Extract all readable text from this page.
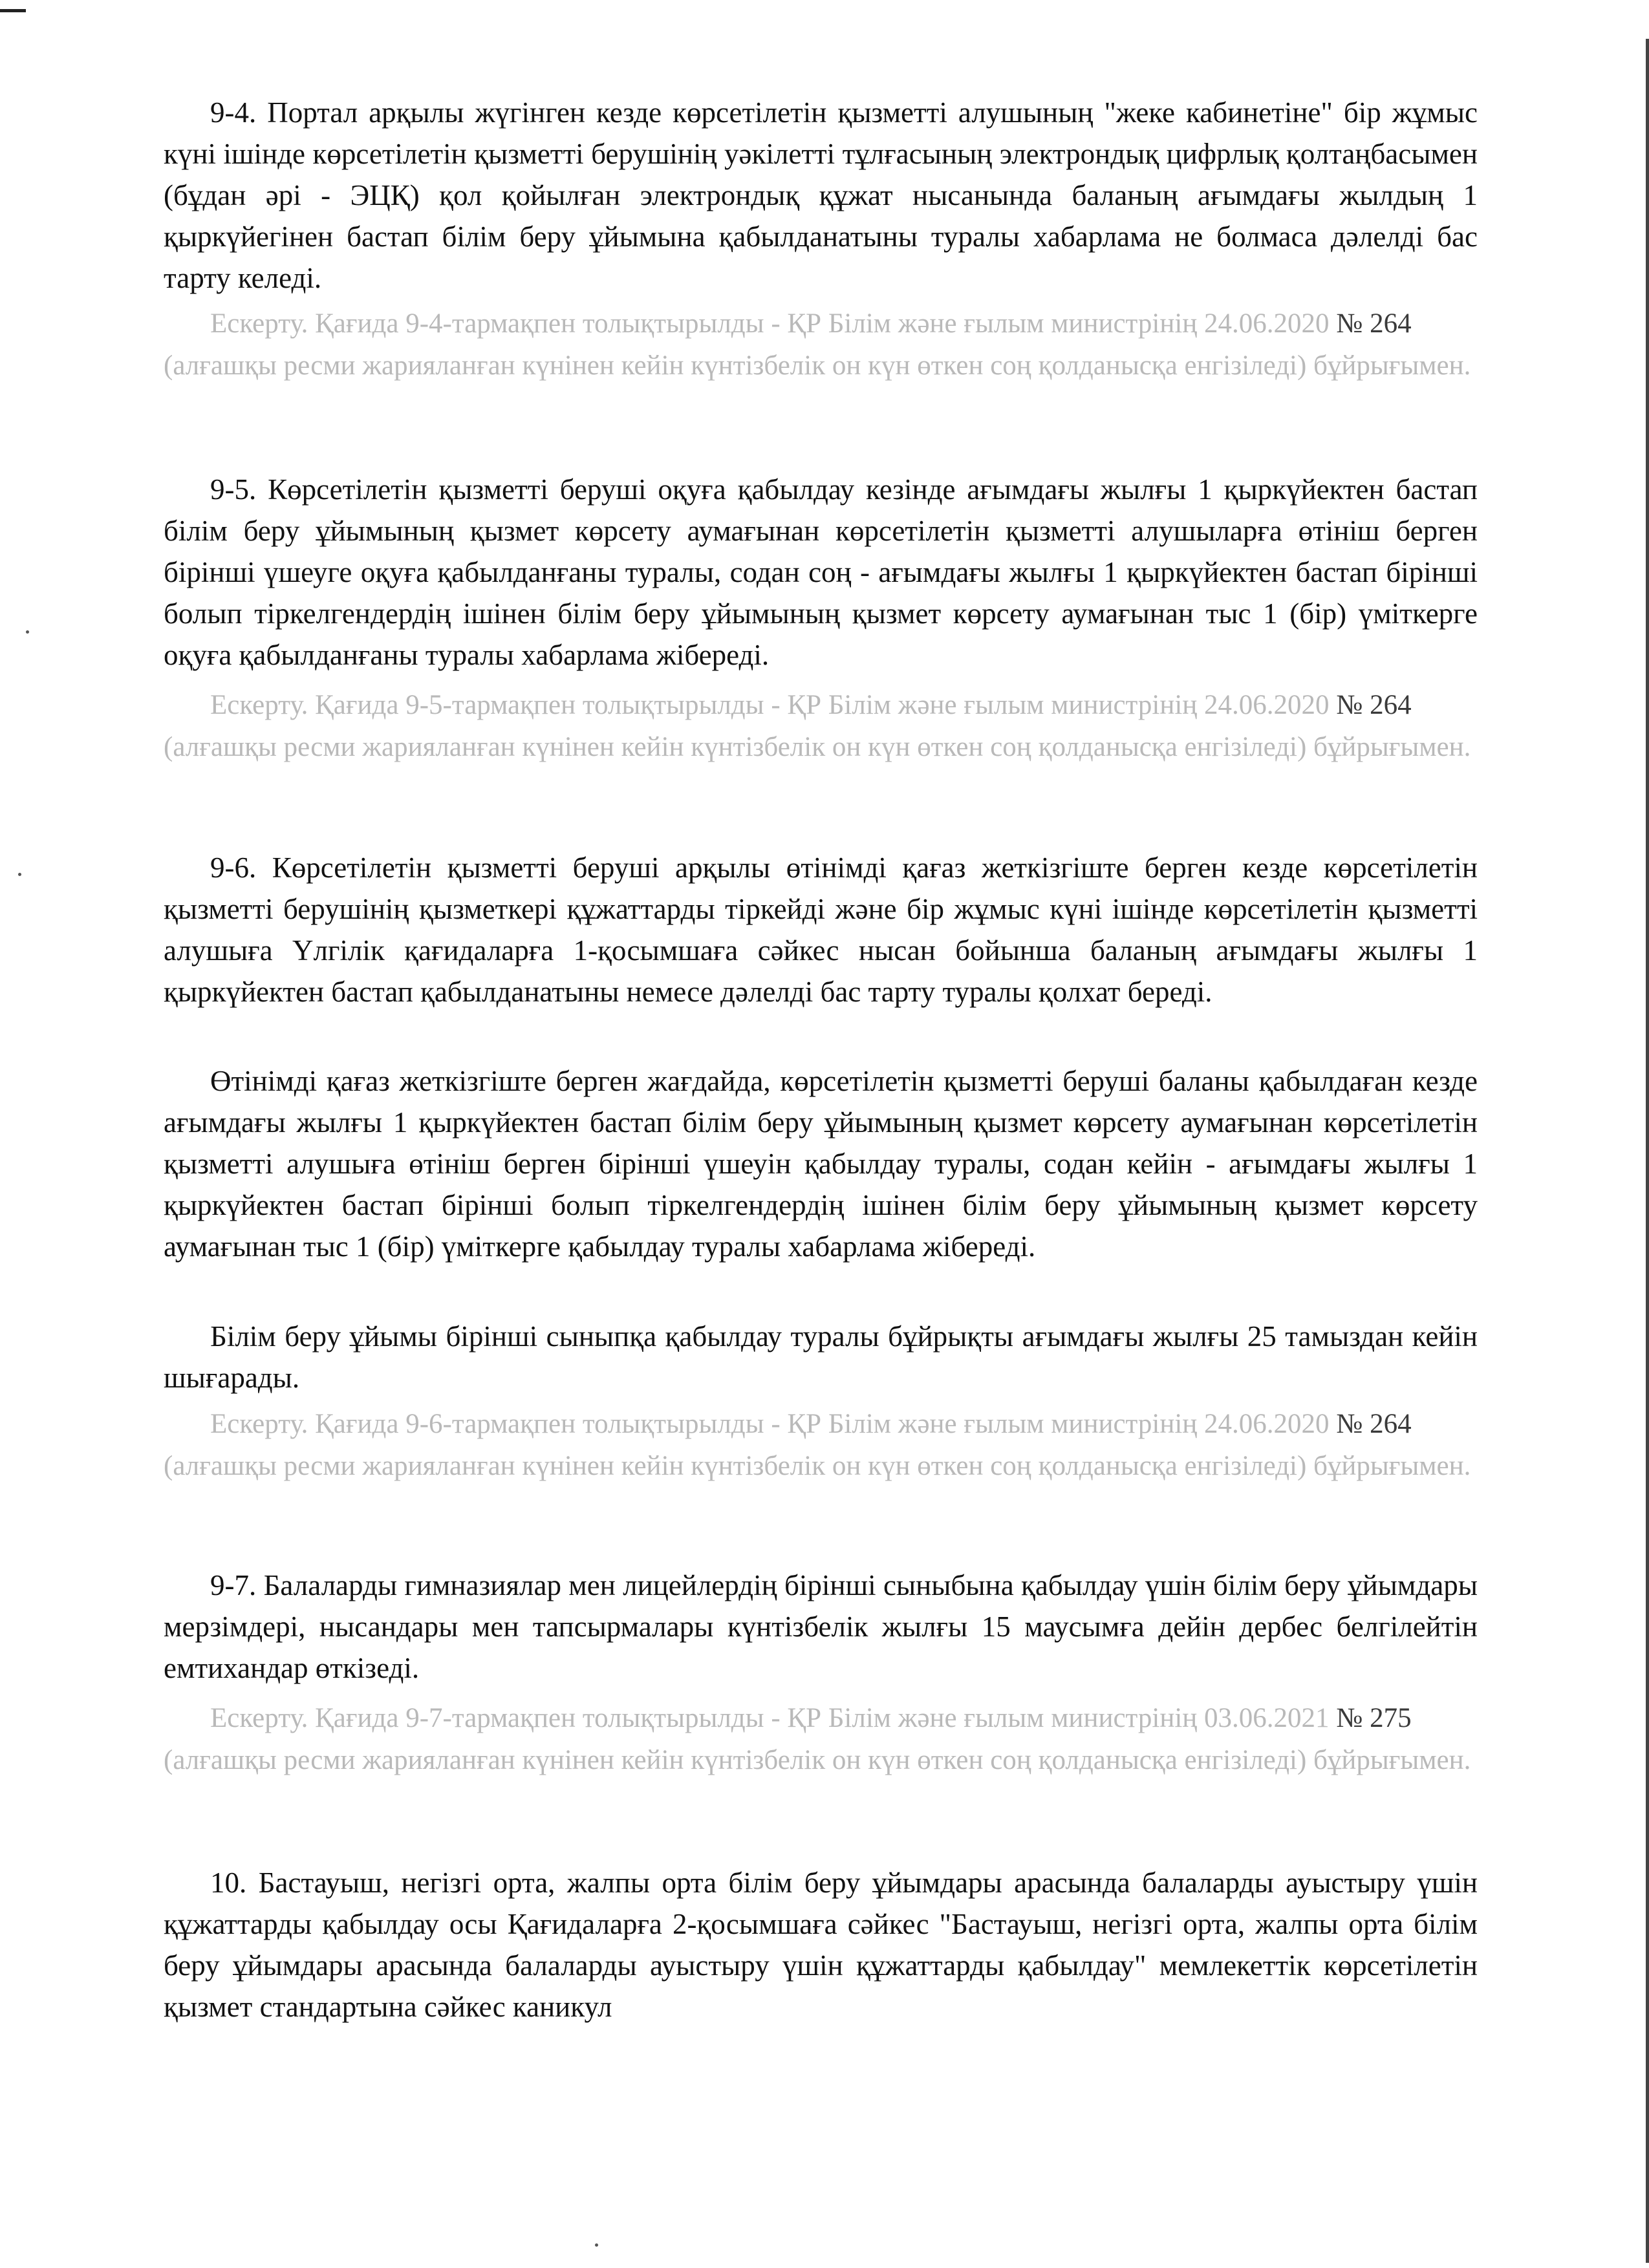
9-4. Портал арқылы жүгінген кезде көрсетілетін қызметті алушының "жеке кабинетіне" бір жұмыс күні ішінде көрсетілетін қызметті берушінің уәкілетті тұлғасының электрондық цифрлық қолтаңбасымен (бұдан әрі - ЭЦҚ) қол қойылған электрондық құжат нысанында баланың ағымдағы жылдың 1 қыркүйегінен бастап білім беру ұйымына қабылданатыны туралы хабарлама не болмаса дәлелді бас тарту келеді.

Ескерту. Қағида 9-4-тармақпен толықтырылды - ҚР Білім және ғылым министрінің 24.06.2020 № 264 (алғашқы ресми жарияланған күнінен кейін күнтізбелік он күн өткен соң қолданысқа енгізіледі) бұйрығымен.

9-5. Көрсетілетін қызметті беруші оқуға қабылдау кезінде ағымдағы жылғы 1 қыркүйектен бастап білім беру ұйымының қызмет көрсету аумағынан көрсетілетін қызметті алушыларға өтініш берген бірінші үшеуге оқуға қабылданғаны туралы, содан соң - ағымдағы жылғы 1 қыркүйектен бастап бірінші болып тіркелгендердің ішінен білім беру ұйымының қызмет көрсету аумағынан тыс 1 (бір) үміткерге оқуға қабылданғаны туралы хабарлама жібереді.

Ескерту. Қағида 9-5-тармақпен толықтырылды - ҚР Білім және ғылым министрінің 24.06.2020 № 264 (алғашқы ресми жарияланған күнінен кейін күнтізбелік он күн өткен соң қолданысқа енгізіледі) бұйрығымен.

9-6. Көрсетілетін қызметті беруші арқылы өтінімді қағаз жеткізгіште берген кезде көрсетілетін қызметті берушінің қызметкері құжаттарды тіркейді және бір жұмыс күні ішінде көрсетілетін қызметті алушыға Үлгілік қағидаларға 1-қосымшаға сәйкес нысан бойынша баланың ағымдағы жылғы 1 қыркүйектен бастап қабылданатыны немесе дәлелді бас тарту туралы қолхат береді.

Өтінімді қағаз жеткізгіште берген жағдайда, көрсетілетін қызметті беруші баланы қабылдаған кезде ағымдағы жылғы 1 қыркүйектен бастап білім беру ұйымының қызмет көрсету аумағынан көрсетілетін қызметті алушыға өтініш берген бірінші үшеуін қабылдау туралы, содан кейін - ағымдағы жылғы 1 қыркүйектен бастап бірінші болып тіркелгендердің ішінен білім беру ұйымының қызмет көрсету аумағынан тыс 1 (бір) үміткерге қабылдау туралы хабарлама жібереді.

Білім беру ұйымы бірінші сыныпқа қабылдау туралы бұйрықты ағымдағы жылғы 25 тамыздан кейін шығарады.

Ескерту. Қағида 9-6-тармақпен толықтырылды - ҚР Білім және ғылым министрінің 24.06.2020 № 264 (алғашқы ресми жарияланған күнінен кейін күнтізбелік он күн өткен соң қолданысқа енгізіледі) бұйрығымен.

9-7. Балаларды гимназиялар мен лицейлердің бірінші сыныбына қабылдау үшін білім беру ұйымдары мерзімдері, нысандары мен тапсырмалары күнтізбелік жылғы 15 маусымға дейін дербес белгілейтін емтихандар өткізеді.

Ескерту. Қағида 9-7-тармақпен толықтырылды - ҚР Білім және ғылым министрінің 03.06.2021 № 275 (алғашқы ресми жарияланған күнінен кейін күнтізбелік он күн өткен соң қолданысқа енгізіледі) бұйрығымен.

10. Бастауыш, негізгі орта, жалпы орта білім беру ұйымдары арасында балаларды ауыстыру үшін құжаттарды қабылдау осы Қағидаларға 2-қосымшаға сәйкес "Бастауыш, негізгі орта, жалпы орта білім беру ұйымдары арасында балаларды ауыстыру үшін құжаттарды қабылдау" мемлекеттік көрсетілетін қызмет стандартына сәйкес каникул
